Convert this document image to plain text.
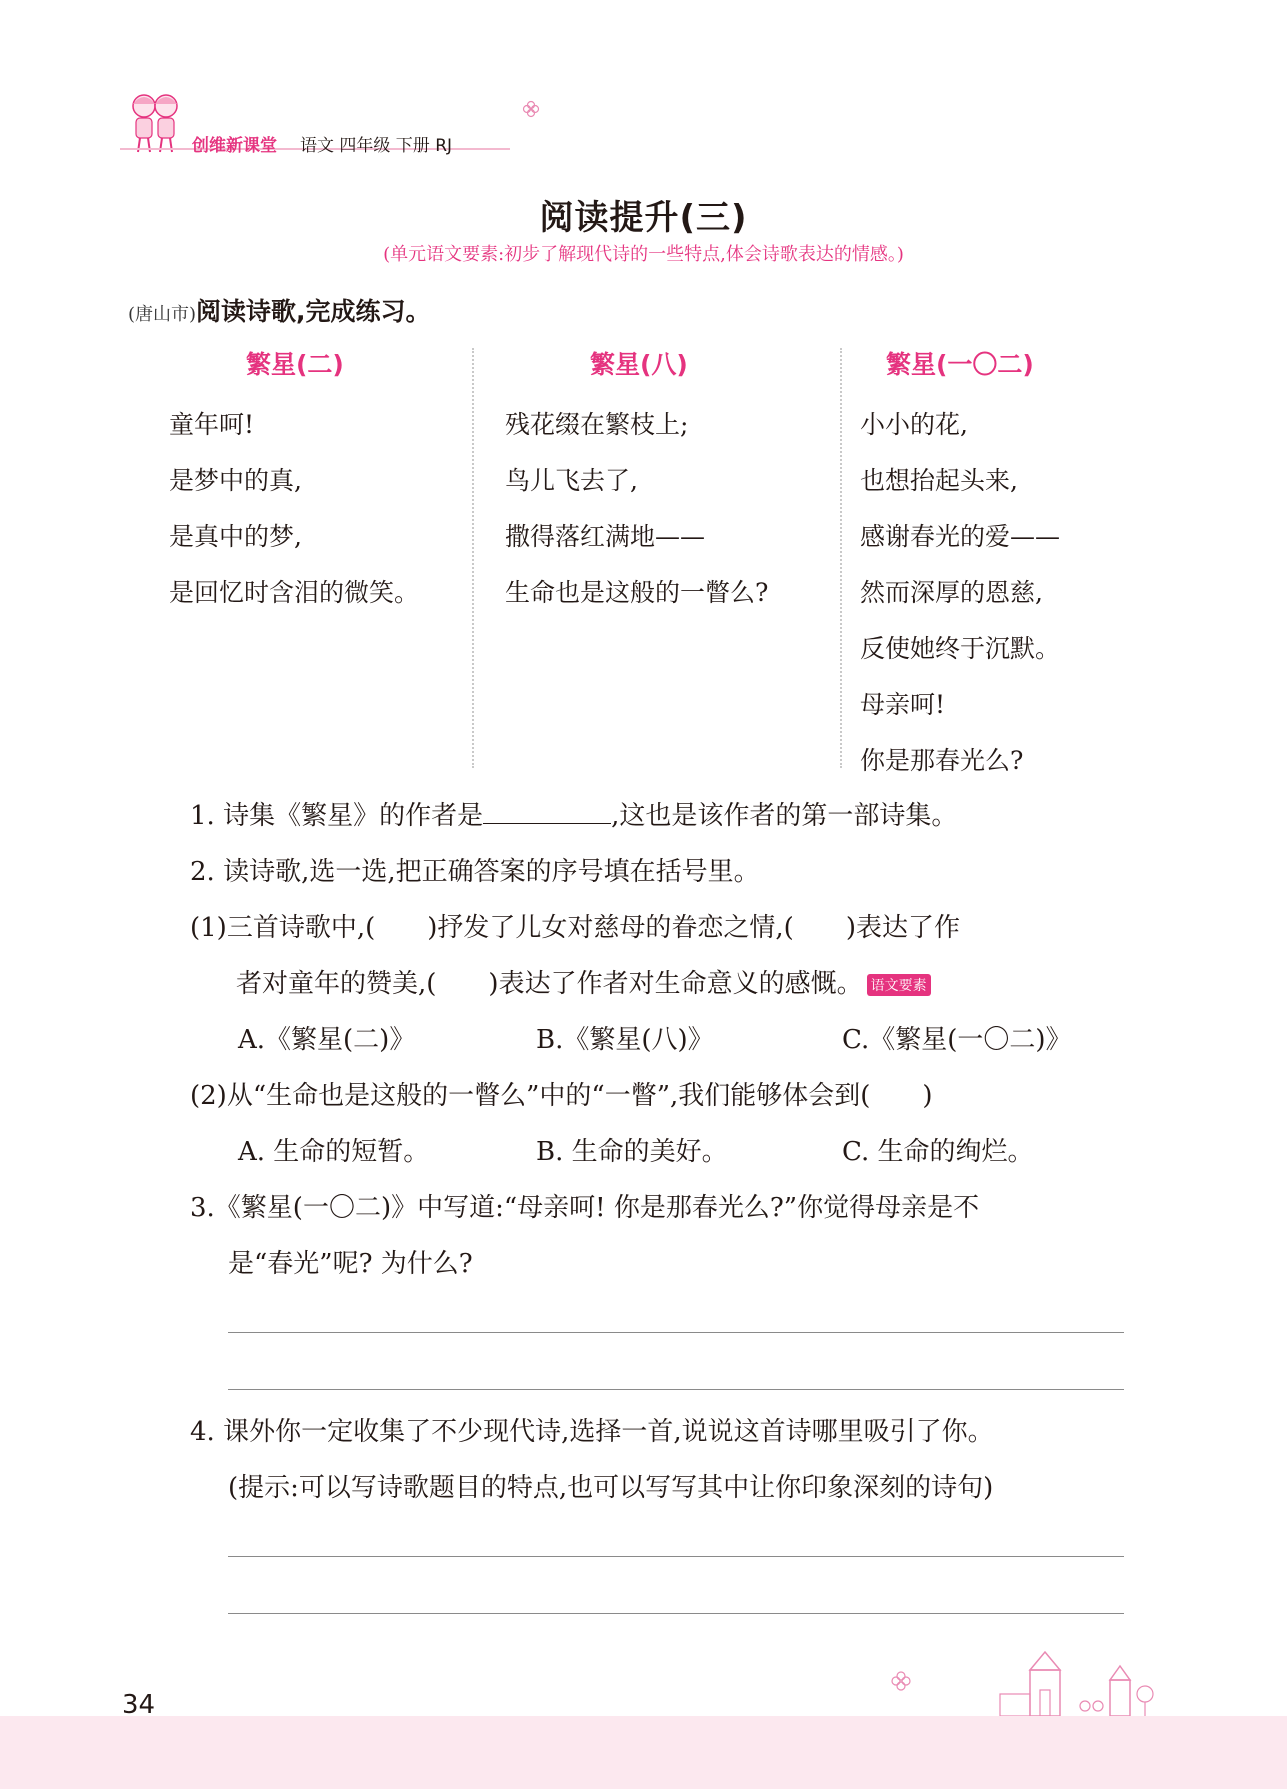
创维新课堂 语文 四年级 下册 RJ
阅读提升(三)
(单元语文要素:初步了解现代诗的一些特点,体会诗歌表达的情感。)
(唐山市)阅读诗歌,完成练习。
繁星(二)
童年呵!
是梦中的真,
是真中的梦,
是回忆时含泪的微笑。
繁星(八)
残花缀在繁枝上;
鸟儿飞去了,
撒得落红满地——
生命也是这般的一瞥么?
繁星(一〇二)
小小的花,
也想抬起头来,
感谢春光的爱——
然而深厚的恩慈,
反使她终于沉默。
母亲呵!
你是那春光么?
1. 诗集《繁星》的作者是	,这也是该作者的第一部诗集。
2. 读诗歌,选一选,把正确答案的序号填在括号里。
(1)三首诗歌中,( )抒发了儿女对慈母的眷恋之情,( )表达了作
者对童年的赞美,( )表达了作者对生命意义的感慨。 语文要素
A.《繁星(二)》	B.《繁星(八)》	C.《繁星(一〇二)》
(2)从“生命也是这般的一瞥么”中的“一瞥”,我们能够体会到( )
A. 生命的短暂。	B. 生命的美好。	C. 生命的绚烂。
3.《繁星(一〇二)》中写道:“母亲呵! 你是那春光么?”你觉得母亲是不
是“春光”呢? 为什么?
4. 课外你一定收集了不少现代诗,选择一首,说说这首诗哪里吸引了你。
(提示:可以写诗歌题目的特点,也可以写写其中让你印象深刻的诗句)
34
